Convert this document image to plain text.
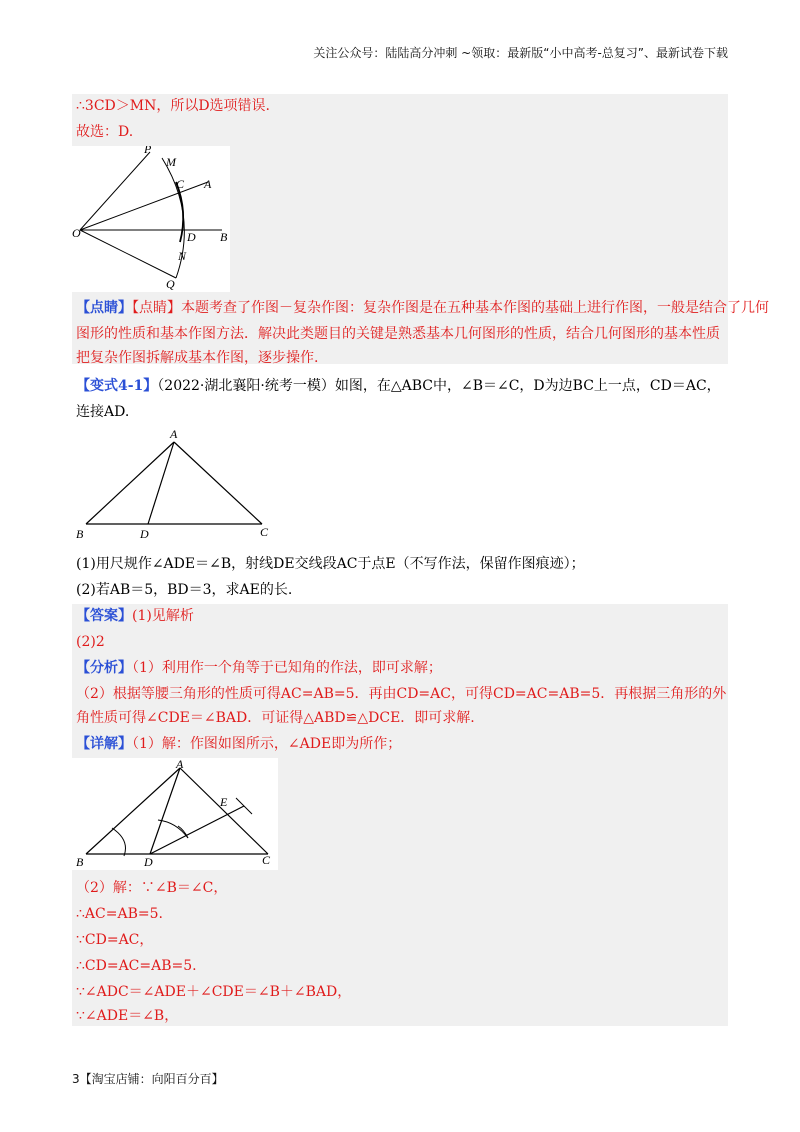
关注公众号：陆陆高分冲刺 ~领取：最新版“小中高考-总复习”、最新试卷下载
∴3CD＞MN，所以D选项错误.
故选：D.
P
M
C A
O	D B
N
Q
【点睛】【点睛】本题考查了作图－复杂作图：复杂作图是在五种基本作图的基础上进行作图，一般是结合了几何
图形的性质和基本作图方法．解决此类题目的关键是熟悉基本几何图形的性质，结合几何图形的基本性质
把复杂作图拆解成基本作图，逐步操作.
【变式4-1】（2022·湖北襄阳·统考一模）如图，在△ABC中，∠B＝∠C，D为边BC上一点，CD＝AC，
连接AD.
A
B	D	C
(1)用尺规作∠ADE＝∠B，射线DE交线段AC于点E（不写作法，保留作图痕迹）；
(2)若AB＝5，BD＝3，求AE的长.
【答案】(1)见解析
(2)2
【分析】（1）利用作一个角等于已知角的作法，即可求解；
（2）根据等腰三角形的性质可得AC=AB=5．再由CD=AC，可得CD=AC=AB=5．再根据三角形的外
角性质可得∠CDE＝∠BAD．可证得△ABD≌△DCE．即可求解.
【详解】（1）解：作图如图所示，∠ADE即为所作；
A
B	D	C
E
（2）解：∵∠B＝∠C，
∴AC=AB=5.
∵CD=AC，
∴CD=AC=AB=5.
∵∠ADC＝∠ADE＋∠CDE＝∠B＋∠BAD，
∵∠ADE＝∠B，
3【淘宝店铺：向阳百分百】
